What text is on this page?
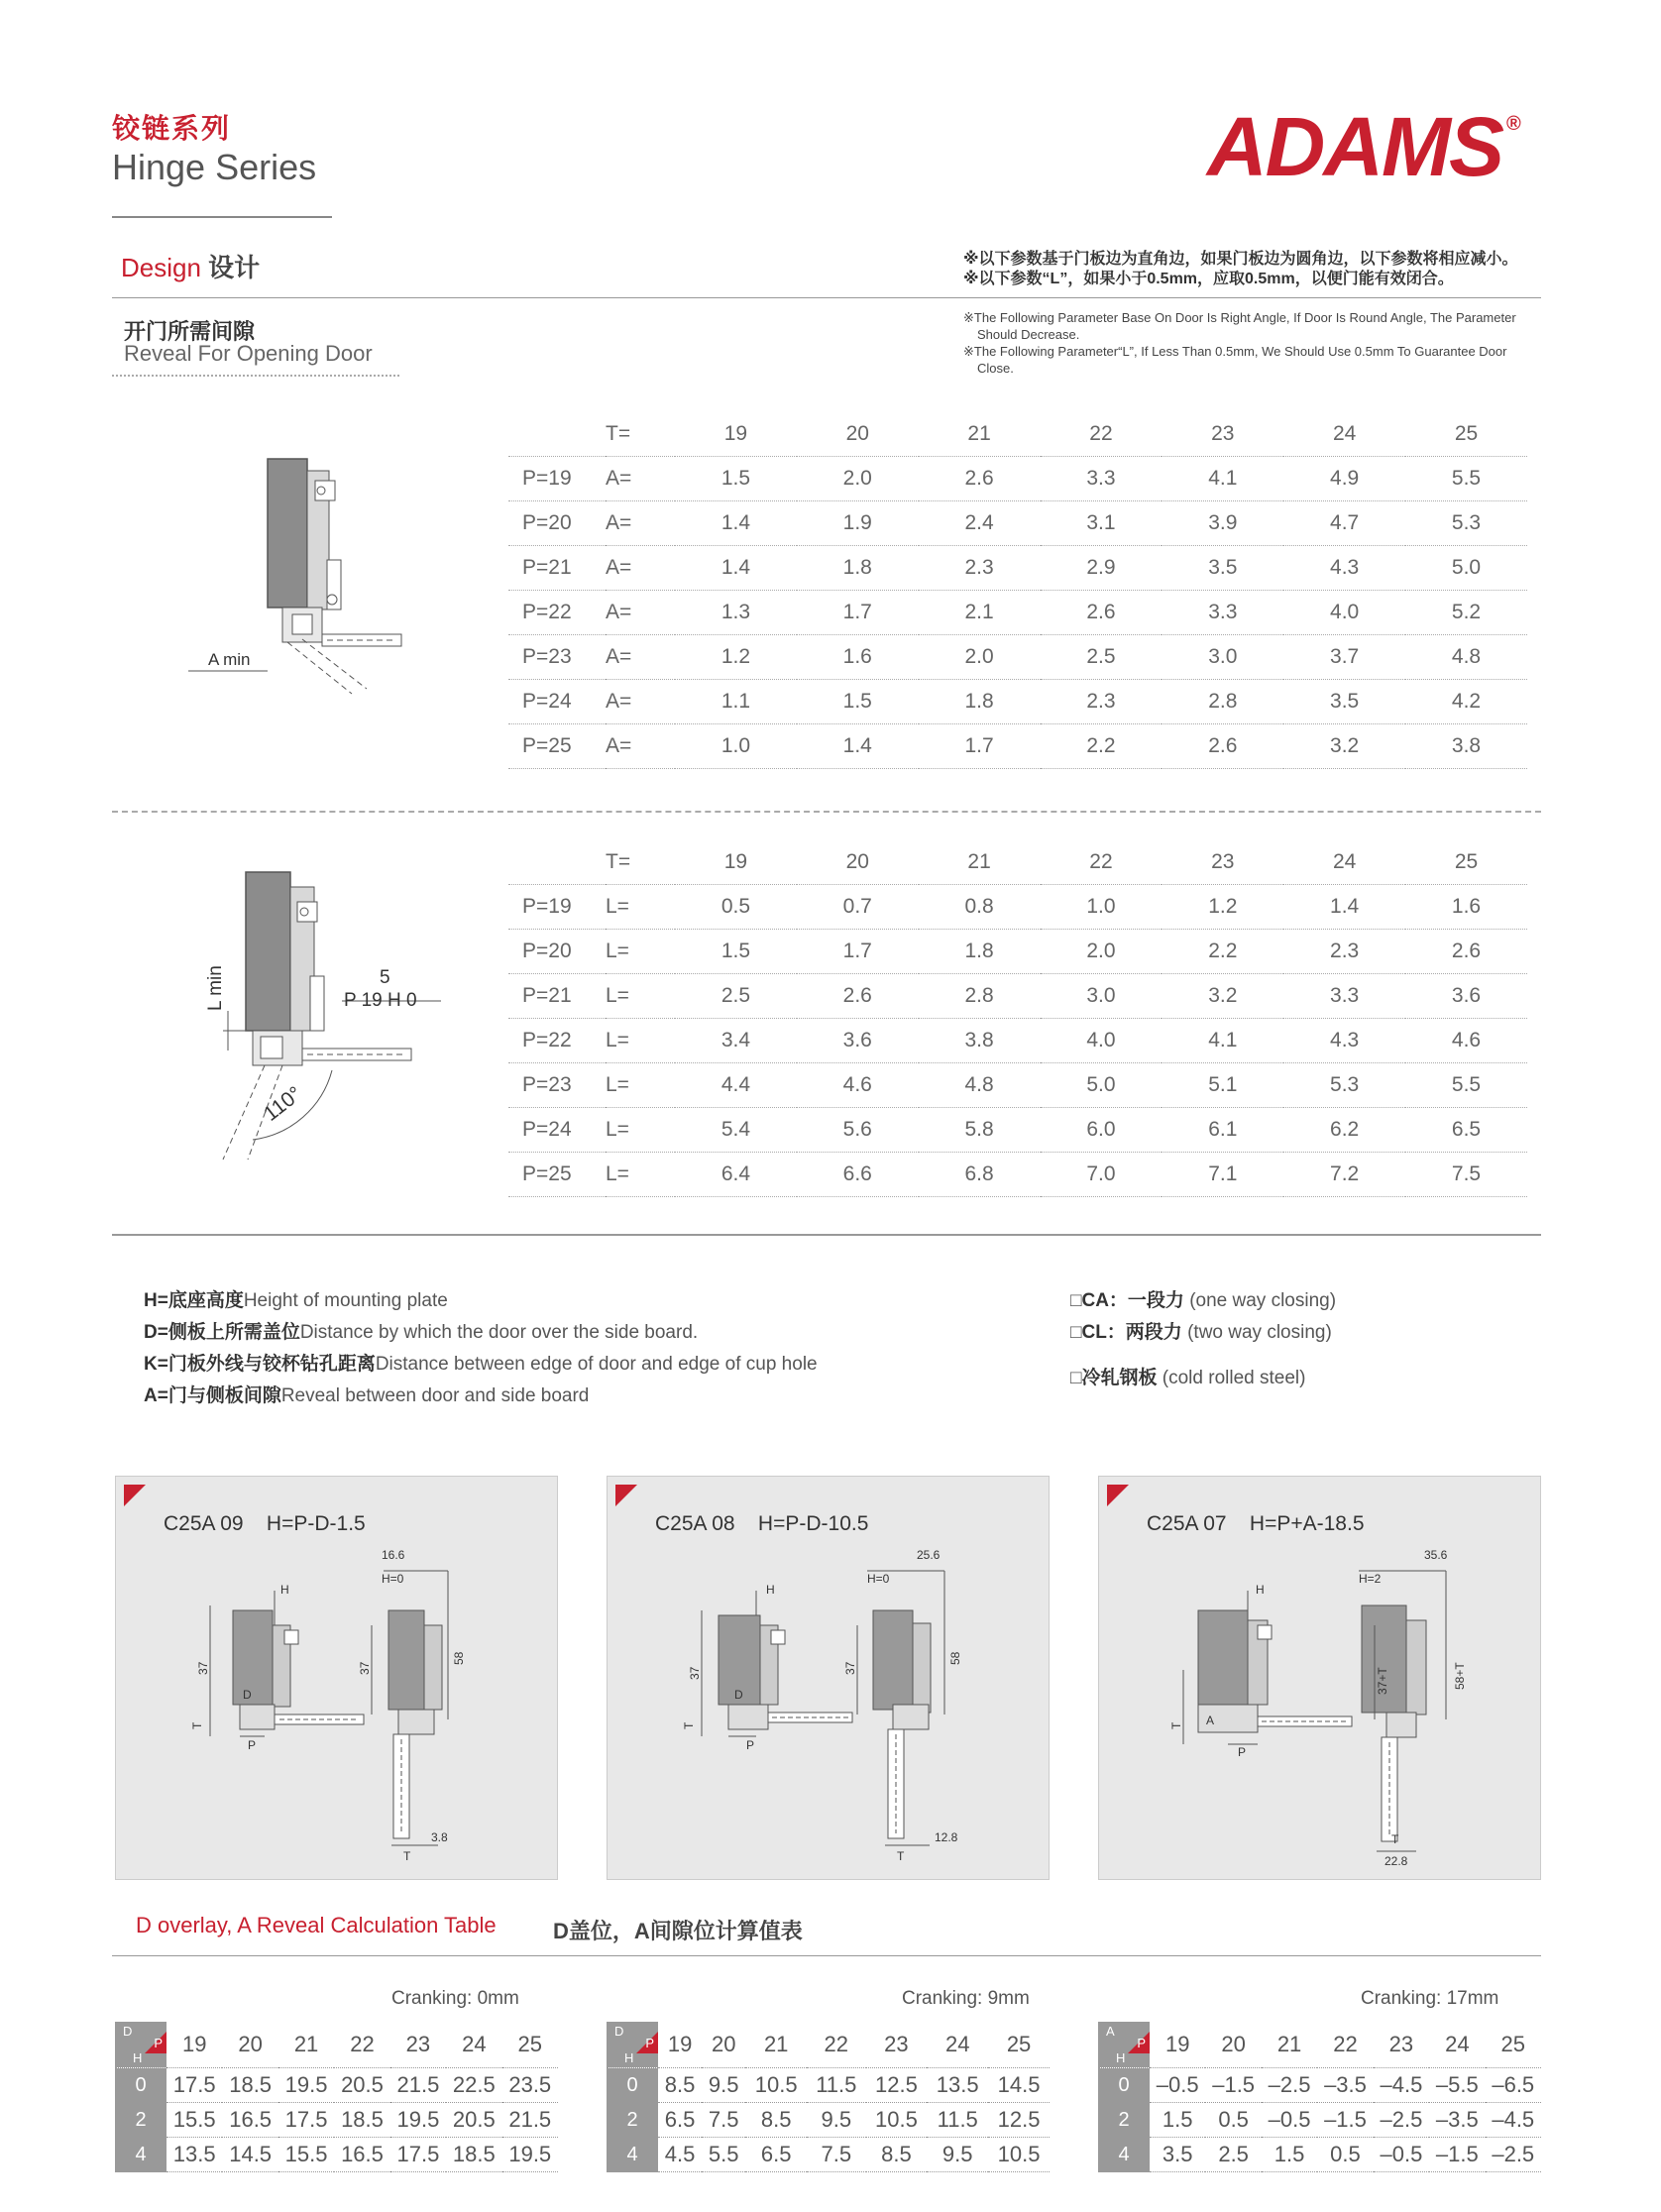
铰链系列
Hinge Series	ADAMS ®
Design 设计	※以下参数基于门板边为直角边，如果门板边为圆角边，以下参数将相应减小。
※以下参数“L”，如果小于0.5mm，应取0.5mm，以便门能有效闭合。
开门所需间隙
Reveal For Opening Door
※The Following Parameter Base On Door Is Right Angle, If Door Is Round Angle, The Parameter Should Decrease.
※The Following Parameter“L”, If Less Than 0.5mm, We Should Use 0.5mm To Guarantee Door Close.
A min
	T=	19	20	21	22	23	24	25
P=19	A=	1.5	2.0	2.6	3.3	4.1	4.9	5.5
P=20	A=	1.4	1.9	2.4	3.1	3.9	4.7	5.3
P=21	A=	1.4	1.8	2.3	2.9	3.5	4.3	5.0
P=22	A=	1.3	1.7	2.1	2.6	3.3	4.0	5.2
P=23	A=	1.2	1.6	2.0	2.5	3.0	3.7	4.8
P=24	A=	1.1	1.5	1.8	2.3	2.8	3.5	4.2
P=25	A=	1.0	1.4	1.7	2.2	2.6	3.2	3.8
L min	5
P 19 H 0
110°
	T=	19	20	21	22	23	24	25
P=19	L=	0.5	0.7	0.8	1.0	1.2	1.4	1.6
P=20	L=	1.5	1.7	1.8	2.0	2.2	2.3	2.6
P=21	L=	2.5	2.6	2.8	3.0	3.2	3.3	3.6
P=22	L=	3.4	3.6	3.8	4.0	4.1	4.3	4.6
P=23	L=	4.4	4.6	4.8	5.0	5.1	5.3	5.5
P=24	L=	5.4	5.6	5.8	6.0	6.1	6.2	6.5
P=25	L=	6.4	6.6	6.8	7.0	7.1	7.2	7.5
H=底座高度Height of mounting plate
D=侧板上所需盖位Distance by which the door over the side board.
K=门板外线与铰杯钻孔距离Distance between edge of door and edge of cup hole
A=门与侧板间隙Reveal between door and side board
□CA：一段力 (one way closing)
□CL：两段力 (two way closing)
□冷轧钢板 (cold rolled steel)
C25A 09 H=P-D-1.5
H
37
T
D
P
16.6
H=0
37
58
3.8
T
C25A 08 H=P-D-10.5
H
37
T
D
P
25.6
H=0
37
58
12.8
T
C25A 07 H=P+A-18.5
H
T A
P
35.6
H=2
37+T	58+T
T
22.8
D overlay, A Reveal Calculation Table	D盖位，A间隙位计算值表
Cranking: 0mm	Cranking: 9mm	Cranking: 17mm
D
P
H	19	20	21	22	23	24	25
0	17.5	18.5	19.5	20.5	21.5	22.5	23.5
2	15.5	16.5	17.5	18.5	19.5	20.5	21.5
4	13.5	14.5	15.5	16.5	17.5	18.5	19.5
D
P
H	19	20	21	22	23	24	25
0	8.5	9.5	10.5	11.5	12.5	13.5	14.5
2	6.5	7.5	8.5	9.5	10.5	11.5	12.5
4	4.5	5.5	6.5	7.5	8.5	9.5	10.5
A
P
H	19	20	21	22	23	24	25
0	–0.5	–1.5	–2.5	–3.5	–4.5	–5.5	–6.5
2	1.5	0.5	–0.5	–1.5	–2.5	–3.5	–4.5
4	3.5	2.5	1.5	0.5	–0.5	–1.5	–2.5
